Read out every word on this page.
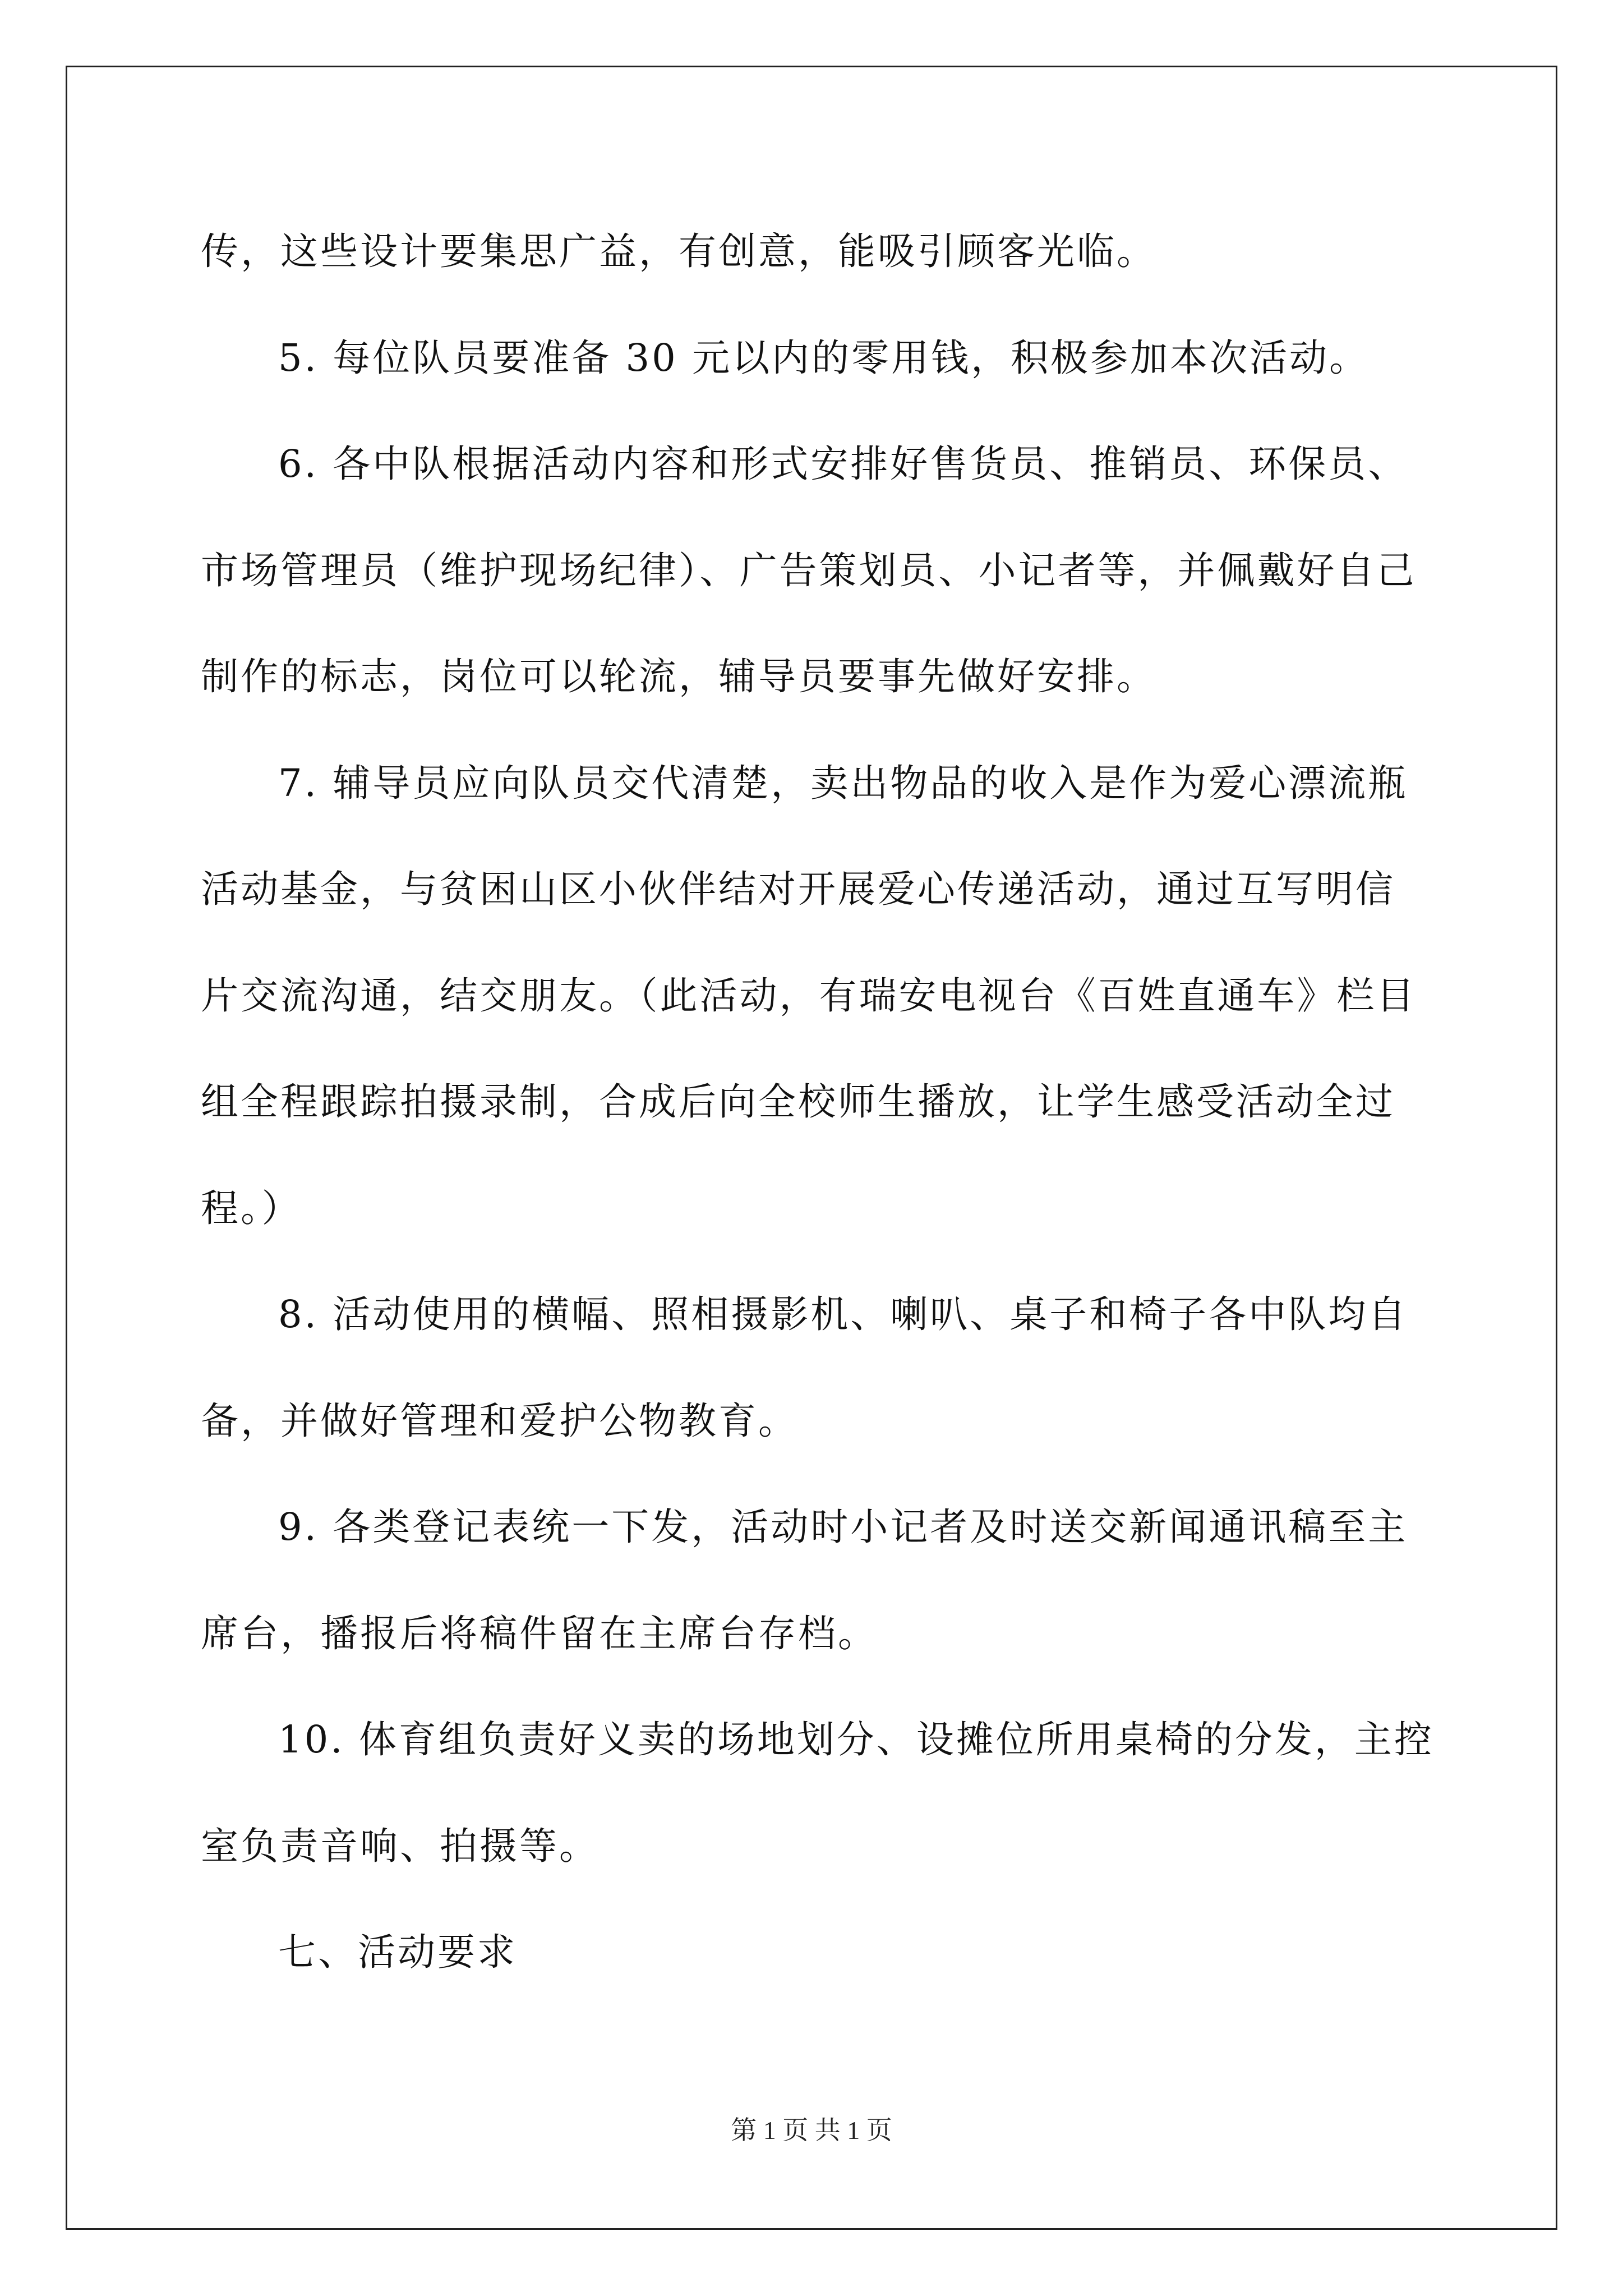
传，这些设计要集思广益，有创意，能吸引顾客光临。
5. 每位队员要准备 30 元以内的零用钱，积极参加本次活动。
6. 各中队根据活动内容和形式安排好售货员、推销员、环保员、
市场管理员（维护现场纪律）、广告策划员、小记者等，并佩戴好自己
制作的标志，岗位可以轮流，辅导员要事先做好安排。
7. 辅导员应向队员交代清楚，卖出物品的收入是作为爱心漂流瓶
活动基金，与贫困山区小伙伴结对开展爱心传递活动，通过互写明信
片交流沟通，结交朋友。（此活动，有瑞安电视台《百姓直通车》栏目
组全程跟踪拍摄录制，合成后向全校师生播放，让学生感受活动全过
程。）
8. 活动使用的横幅、照相摄影机、喇叭、桌子和椅子各中队均自
备，并做好管理和爱护公物教育。
9. 各类登记表统一下发，活动时小记者及时送交新闻通讯稿至主
席台，播报后将稿件留在主席台存档。
10. 体育组负责好义卖的场地划分、设摊位所用桌椅的分发，主控
室负责音响、拍摄等。
七、活动要求
第 1 页 共 1 页
